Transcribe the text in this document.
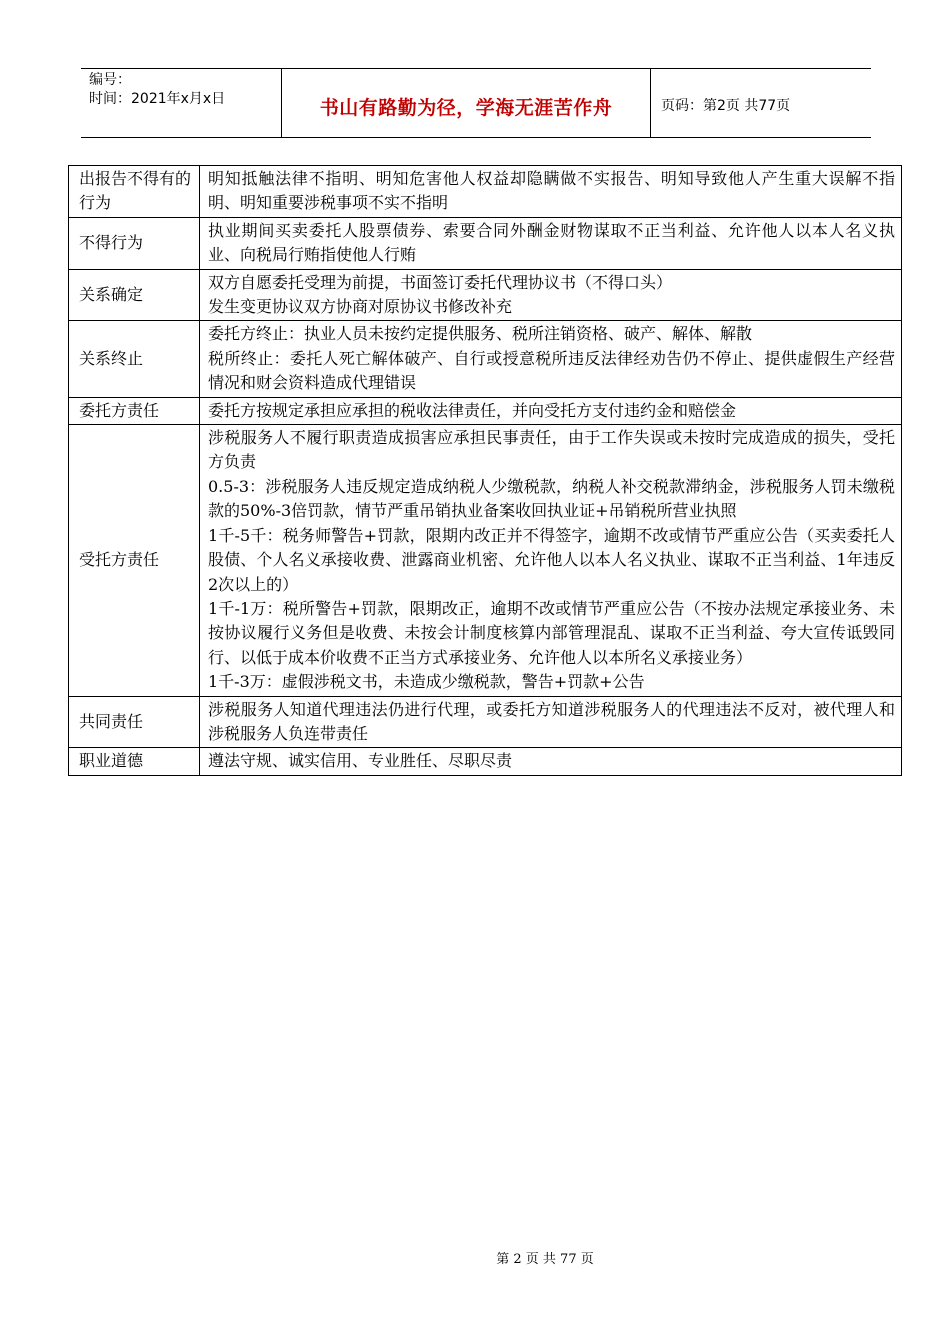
编号：
时间：2021年x月x日	书山有路勤为径，学海无涯苦作舟	页码：第2页 共77页
出报告不得有的行为	明知抵触法律不指明、明知危害他人权益却隐瞒做不实报告、明知导致他人产生重大误解不指明、明知重要涉税事项不实不指明

不得行为	执业期间买卖委托人股票债券、索要合同外酬金财物谋取不正当利益、允许他人以本人名义执业、向税局行贿指使他人行贿

关系确定	双方自愿委托受理为前提，书面签订委托代理协议书（不得口头）
发生变更协议双方协商对原协议书修改补充

关系终止	委托方终止：执业人员未按约定提供服务、税所注销资格、破产、解体、解散
税所终止：委托人死亡解体破产、自行或授意税所违反法律经劝告仍不停止、提供虚假生产经营情况和财会资料造成代理错误

委托方责任	委托方按规定承担应承担的税收法律责任，并向受托方支付违约金和赔偿金

受托方责任	涉税服务人不履行职责造成损害应承担民事责任，由于工作失误或未按时完成造成的损失，受托方负责
0.5-3：涉税服务人违反规定造成纳税人少缴税款，纳税人补交税款滞纳金，涉税服务人罚未缴税款的50%-3倍罚款，情节严重吊销执业备案收回执业证+吊销税所营业执照
1千-5千：税务师警告+罚款，限期内改正并不得签字，逾期不改或情节严重应公告（买卖委托人股债、个人名义承接收费、泄露商业机密、允许他人以本人名义执业、谋取不正当利益、1年违反2次以上的）
1千-1万：税所警告+罚款，限期改正，逾期不改或情节严重应公告（不按办法规定承接业务、未按协议履行义务但是收费、未按会计制度核算内部管理混乱、谋取不正当利益、夸大宣传诋毁同行、以低于成本价收费不正当方式承接业务、允许他人以本所名义承接业务）
1千-3万：虚假涉税文书，未造成少缴税款，警告+罚款+公告

共同责任	涉税服务人知道代理违法仍进行代理，或委托方知道涉税服务人的代理违法不反对，被代理人和涉税服务人负连带责任

职业道德	遵法守规、诚实信用、专业胜任、尽职尽责
第 2 页 共 77 页
